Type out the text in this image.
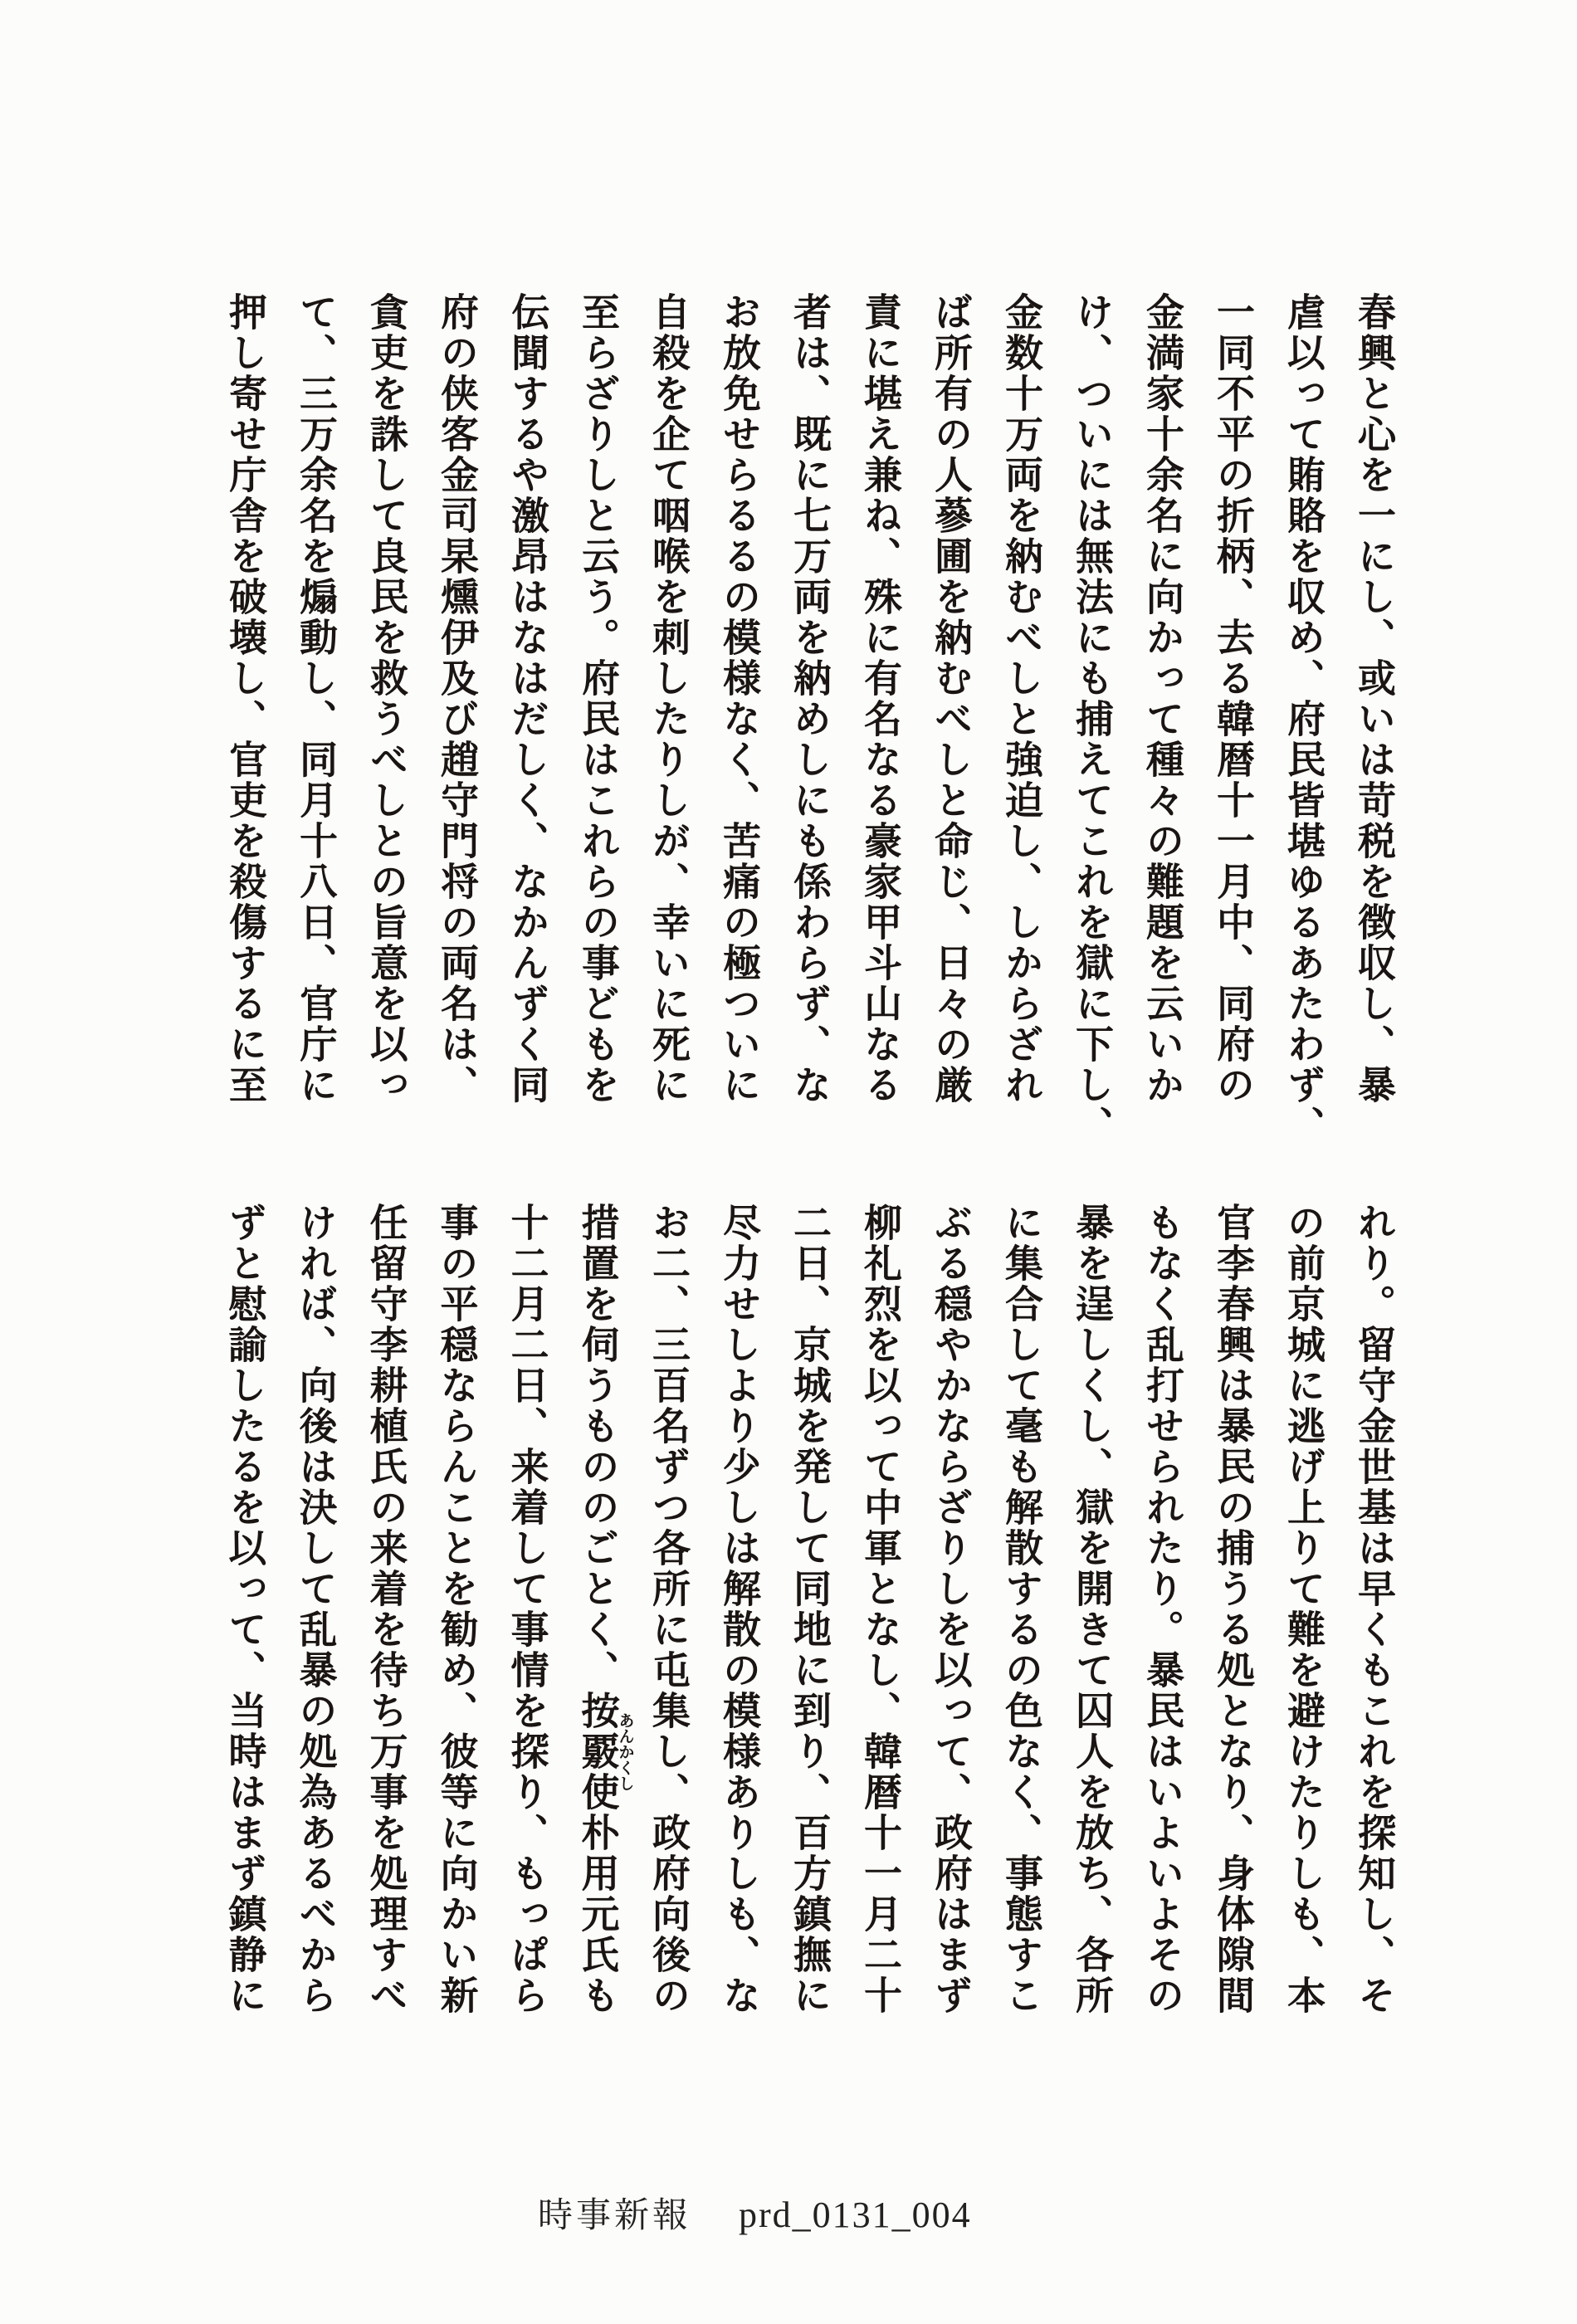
春興と心を一にし、或いは苛税を徴収し、暴
虐以って賄賂を収め、府民皆堪ゆるあたわず、
一同不平の折柄、去る韓暦十一月中、同府の
金満家十余名に向かって種々の難題を云いか
け、ついには無法にも捕えてこれを獄に下し、
金数十万両を納むべしと強迫し、しからざれ
ば所有の人蔘圃を納むべしと命じ、日々の厳
責に堪え兼ね、殊に有名なる豪家甲斗山なる
者は、既に七万両を納めしにも係わらず、な
お放免せらるるの模様なく、苦痛の極ついに
自殺を企て咽喉を刺したりしが、幸いに死に
至らざりしと云う。府民はこれらの事どもを
伝聞するや激昂はなはだしく、なかんずく同
府の侠客金司杲燻伊及び趙守門将の両名は、
貪吏を誅して良民を救うべしとの旨意を以っ
て、三万余名を煽動し、同月十八日、官庁に
押し寄せ庁舎を破壊し、官吏を殺傷するに至
れり。留守金世基は早くもこれを探知し、そ
の前京城に逃げ上りて難を避けたりしも、本
官李春興は暴民の捕うる処となり、身体隙間
もなく乱打せられたり。暴民はいよいよその
暴を逞しくし、獄を開きて囚人を放ち、各所
に集合して毫も解散するの色なく、事態すこ
ぶる穏やかならざりしを以って、政府はまず
柳礼烈を以って中軍となし、韓暦十一月二十
二日、京城を発して同地に到り、百方鎮撫に
尽力せしより少しは解散の模様ありしも、な
お二、三百名ずつ各所に屯集し、政府向後の
措置を伺うもののごとく、按覈使あんかくし朴用元氏も
十二月二日、来着して事情を探り、もっぱら
事の平穏ならんことを勧め、彼等に向かい新
任留守李耕植氏の来着を待ち万事を処理すべ
ければ、向後は決して乱暴の処為あるべから
ずと慰諭したるを以って、当時はまず鎮静に
時事新報 prd_0131_004
